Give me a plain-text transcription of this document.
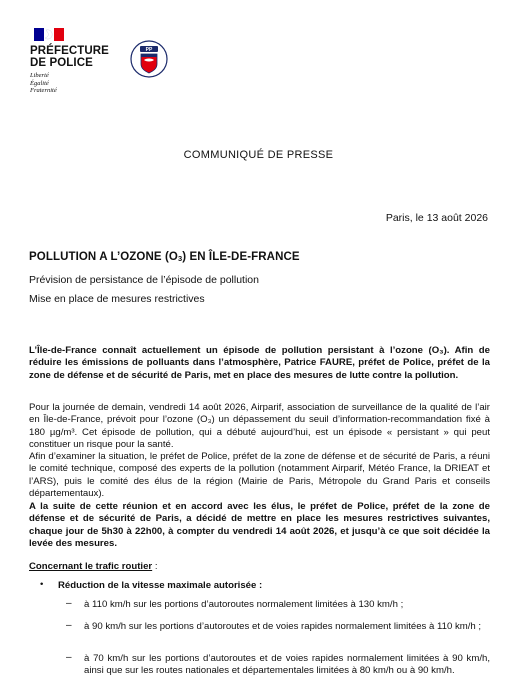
PRÉFECTURE
DE POLICE
Liberté
Égalité
Fraternité
PP
COMMUNIQUÉ DE PRESSE
Paris, le 13 août 2026
POLLUTION A L’OZONE $(O_3)$ EN ÎLE-DE-FRANCE
Prévision de persistance de l’épisode de pollution
Mise en place de mesures restrictives
L’Île-de-France connaît actuellement un épisode de pollution persistant à l’ozone (O₃). Afin de réduire les émissions de polluants dans l’atmosphère, Patrice FAURE, préfet de Police, préfet de la zone de défense et de sécurité de Paris, met en place des mesures de lutte contre la pollution.
Pour la journée de demain, vendredi 14 août 2026, Airparif, association de surveillance de la qualité de l’air en Île-de-France, prévoit pour l’ozone (O₃) un dépassement du seuil d’information-recommandation fixé à 180 µg/m³. Cet épisode de pollution, qui a débuté aujourd’hui, est un épisode « persistant » qui peut constituer un risque pour la santé.
Afin d’examiner la situation, le préfet de Police, préfet de la zone de défense et de sécurité de Paris, a réuni le comité technique, composé des experts de la pollution (notamment Airparif, Météo France, la DRIEAT et l’ARS), puis le comité des élus de la région (Mairie de Paris, Métropole du Grand Paris et conseils départementaux).
A la suite de cette réunion et en accord avec les élus, le préfet de Police, préfet de la zone de défense et de sécurité de Paris, a décidé de mettre en place les mesures restrictives suivantes, chaque jour de 5h30 à 22h00, à compter du vendredi 14 août 2026, et jusqu’à ce que soit décidée la levée des mesures.
Concernant le trafic routier :
• Réduction de la vitesse maximale autorisée :
– à 110 km/h sur les portions d’autoroutes normalement limitées à 130 km/h ;
– à 90 km/h sur les portions d’autoroutes et de voies rapides normalement limitées à 110 km/h ;
– à 70 km/h sur les portions d’autoroutes et de voies rapides normalement limitées à 90 km/h, ainsi que sur les routes nationales et départementales limitées à 80 km/h ou à 90 km/h.
